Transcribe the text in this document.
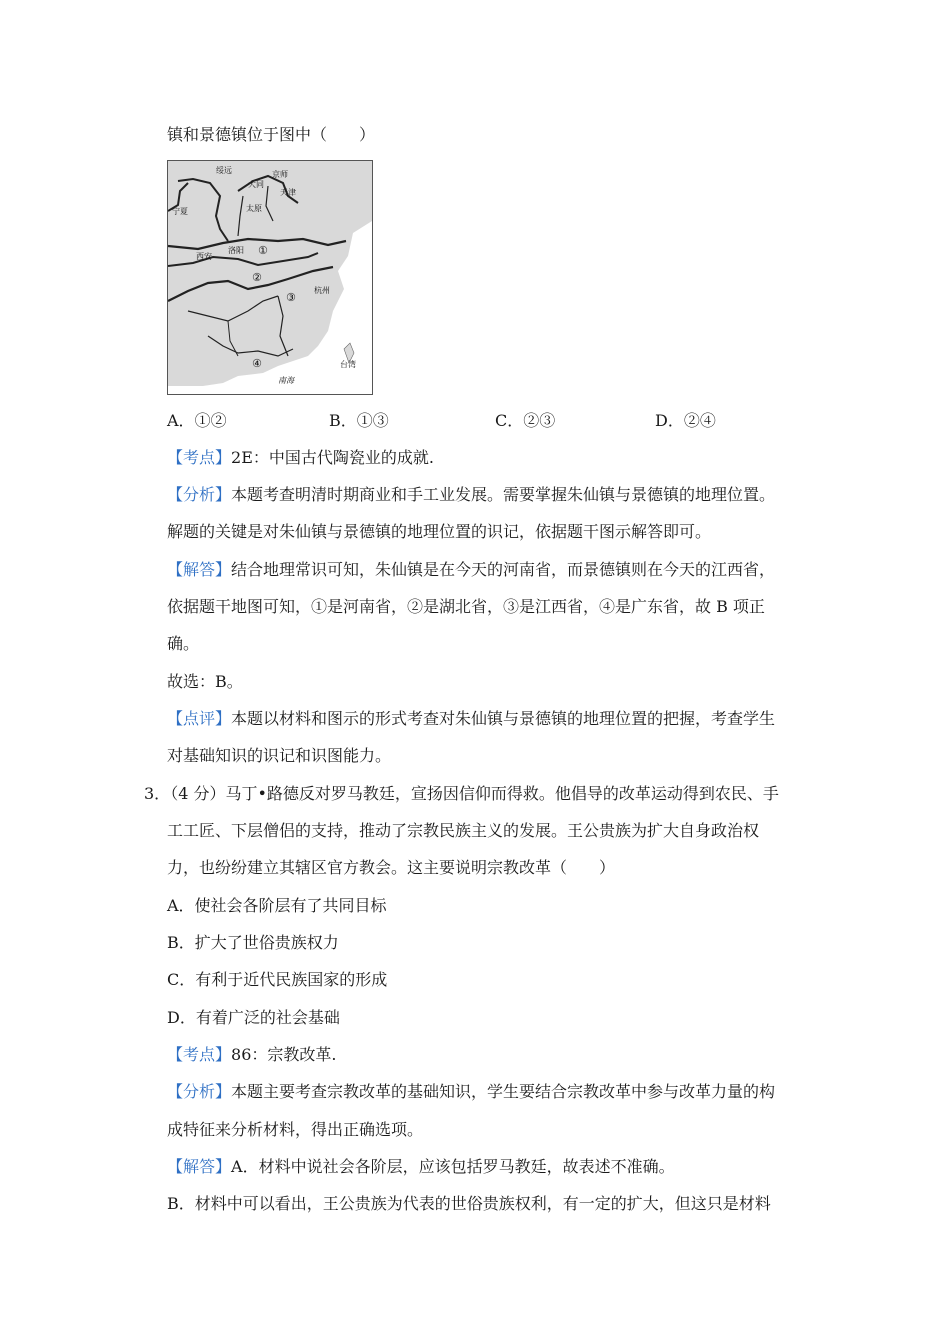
镇和景德镇位于图中（　　）
绥远	京师
大同
天津
宁夏	太原
西安
洛阳
杭州
台湾
南海
①
②
③
④
A．①②	B．①③	C．②③	D．②④
【考点】2E：中国古代陶瓷业的成就.
【分析】本题考查明清时期商业和手工业发展。需要掌握朱仙镇与景德镇的地理位置。
解题的关键是对朱仙镇与景德镇的地理位置的识记，依据题干图示解答即可。
【解答】结合地理常识可知，朱仙镇是在今天的河南省，而景德镇则在今天的江西省，
依据题干地图可知，①是河南省，②是湖北省，③是江西省，④是广东省，故 B 项正
确。
故选：B。
【点评】本题以材料和图示的形式考查对朱仙镇与景德镇的地理位置的把握，考查学生
对基础知识的识记和识图能力。
3．（4 分）马丁•路德反对罗马教廷，宣扬因信仰而得救。他倡导的改革运动得到农民、手
工工匠、下层僧侣的支持，推动了宗教民族主义的发展。王公贵族为扩大自身政治权
力，也纷纷建立其辖区官方教会。这主要说明宗教改革（　　）
A．使社会各阶层有了共同目标
B．扩大了世俗贵族权力
C．有利于近代民族国家的形成
D．有着广泛的社会基础
【考点】86：宗教改革.
【分析】本题主要考查宗教改革的基础知识，学生要结合宗教改革中参与改革力量的构
成特征来分析材料，得出正确选项。
【解答】A．材料中说社会各阶层，应该包括罗马教廷，故表述不准确。
B．材料中可以看出，王公贵族为代表的世俗贵族权利，有一定的扩大，但这只是材料
